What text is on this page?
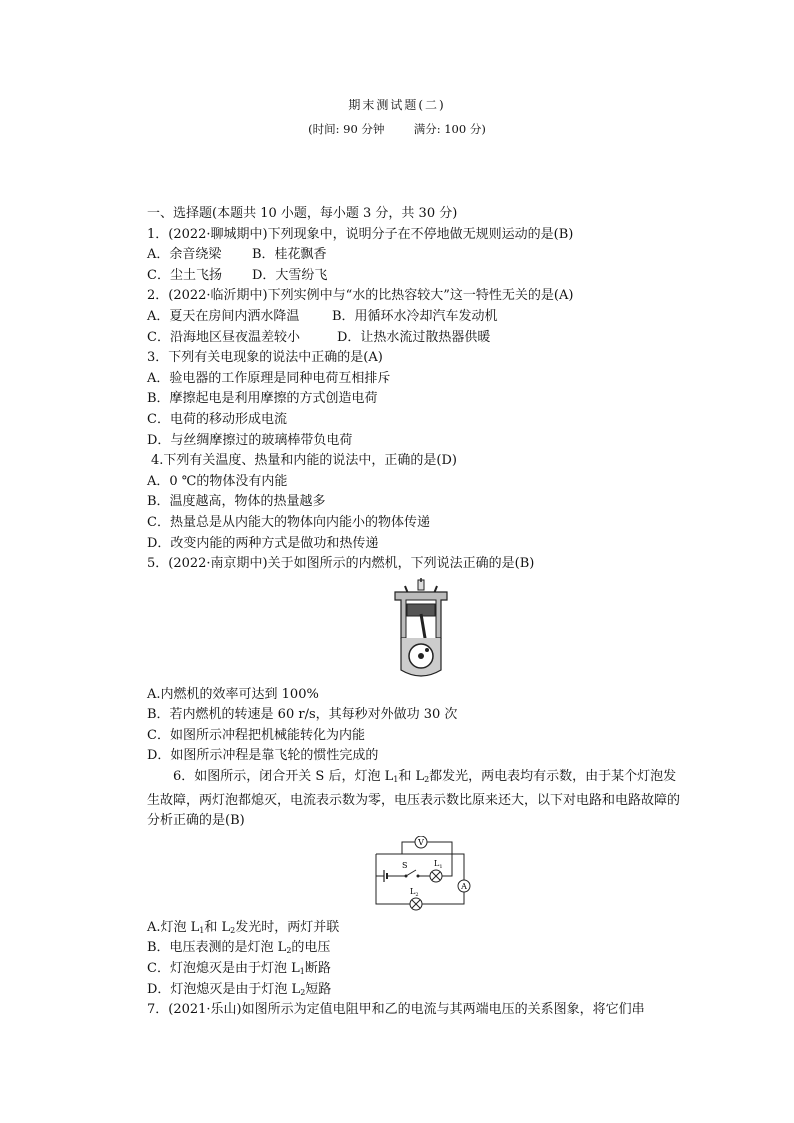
期末测试题(二)
(时间: 90 分钟        满分: 100 分)
一、选择题(本题共 10 小题，每小题 3 分，共 30 分)
1．(2022·聊城期中)下列现象中，说明分子在不停地做无规则运动的是(B)
A．余音绕梁 B．桂花飘香
C．尘土飞扬 D．大雪纷飞
2．(2022·临沂期中)下列实例中与“水的比热容较大”这一特性无关的是(A)
A．夏天在房间内洒水降温	B．用循环水冷却汽车发动机
C．沿海地区昼夜温差较小	D．让热水流过散热器供暖
3．下列有关电现象的说法中正确的是(A)
A．验电器的工作原理是同种电荷互相排斥
B．摩擦起电是利用摩擦的方式创造电荷
C．电荷的移动形成电流
D．与丝绸摩擦过的玻璃棒带负电荷
4.下列有关温度、热量和内能的说法中，正确的是(D)
A．0 ℃的物体没有内能
B．温度越高，物体的热量越多
C．热量总是从内能大的物体向内能小的物体传递
D．改变内能的两种方式是做功和热传递
5．(2022·南京期中)关于如图所示的内燃机，下列说法正确的是(B)
A.内燃机的效率可达到 100%
B．若内燃机的转速是 60 r/s，其每秒对外做功 30 次
C．如图所示冲程把机械能转化为内能
D．如图所示冲程是靠飞轮的惯性完成的
6．如图所示，闭合开关 S 后，灯泡 $L_1$和 $L_2$都发光，两电表均有示数，由于某个灯泡发生故障，两灯泡都熄灭，电流表示数为零，电压表示数比原来还大，以下对电路和电路故障的分析正确的是(B)
V
S	$L_1$
A
$L_2$
A.灯泡 $L_1$和 $L_2$发光时，两灯并联
B．电压表测的是灯泡 $L_2$的电压
C．灯泡熄灭是由于灯泡 $L_1$断路
D．灯泡熄灭是由于灯泡 $L_2$短路
7．(2021·乐山)如图所示为定值电阻甲和乙的电流与其两端电压的关系图象，将它们串
